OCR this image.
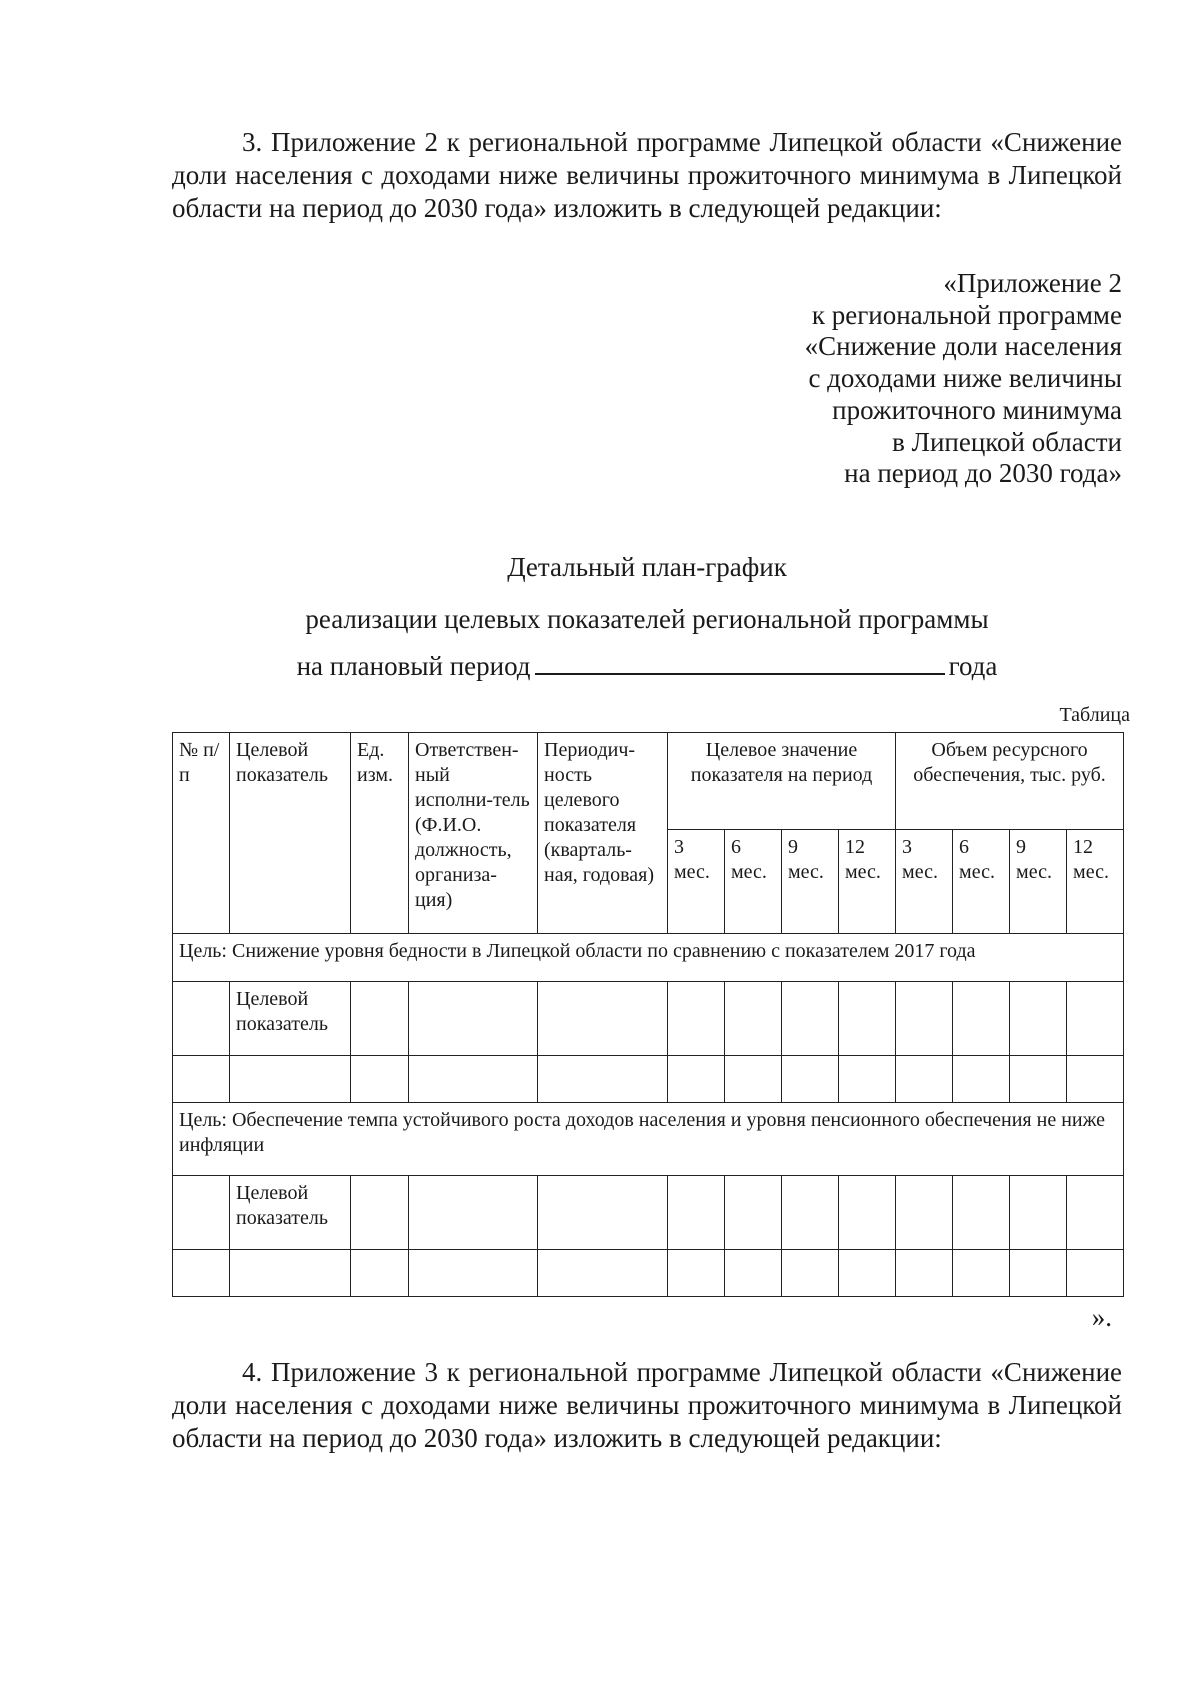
3. Приложение 2 к региональной программе Липецкой области «Снижение доли населения с доходами ниже величины прожиточного минимума в Липецкой области на период до 2030 года» изложить в следующей редакции:

«Приложение 2
к региональной программе
«Снижение доли населения
с доходами ниже величины
прожиточного минимума
в Липецкой области
на период до 2030 года»
Детальный план-график
реализации целевых показателей региональной программы
на плановый период	года
Таблица
№ п/п	Целевой показатель	Ед. изм.	Ответствен-ный исполни-тель (Ф.И.О. должность, организа-ция)	Периодич-ность целевого показателя (кварталь-ная, годовая)	Целевое значение показателя на период				Объем ресурсного обеспечения, тыс. руб.			
					3 мес.	6 мес.	9 мес.	12 мес.	3 мес.	6 мес.	9 мес.	12 мес.
Цель: Снижение уровня бедности в Липецкой области по сравнению с показателем 2017 года												
	Целевой показатель											

Цель: Обеспечение темпа устойчивого роста доходов населения и уровня пенсионного обеспечения не ниже инфляции												
	Целевой показатель											

».

4. Приложение 3 к региональной программе Липецкой области «Снижение доли населения с доходами ниже величины прожиточного минимума в Липецкой области на период до 2030 года» изложить в следующей редакции:
